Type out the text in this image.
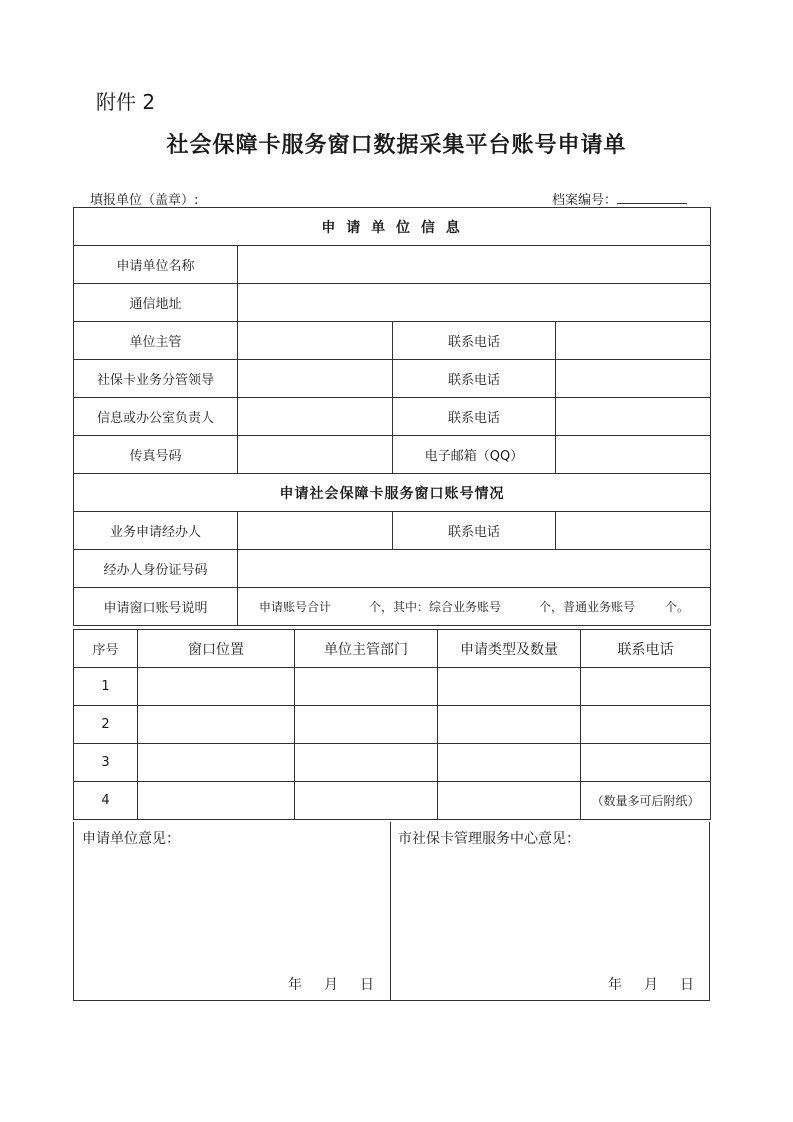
附件 2
社会保障卡服务窗口数据采集平台账号申请单
填报单位（盖章）:	档案编号：
申 请 单 位 信 息			
申请单位名称			
通信地址			
单位主管		联系电话	
社保卡业务分管领导		联系电话	
信息或办公室负责人		联系电话	
传真号码		电子邮箱（QQ）	
申请社会保障卡服务窗口账号情况			
业务申请经办人		联系电话	
经办人身份证号码			
申请窗口账号说明	申请账号合计 个，其中：综合业务账号 个，普通业务账号 个。		
序号	窗口位置	单位主管部门	申请类型及数量	联系电话
1				
2				
3				
4				（数量多可后附纸）
申请单位意见：
年 月 日
市社保卡管理服务中心意见：
年 月 日
